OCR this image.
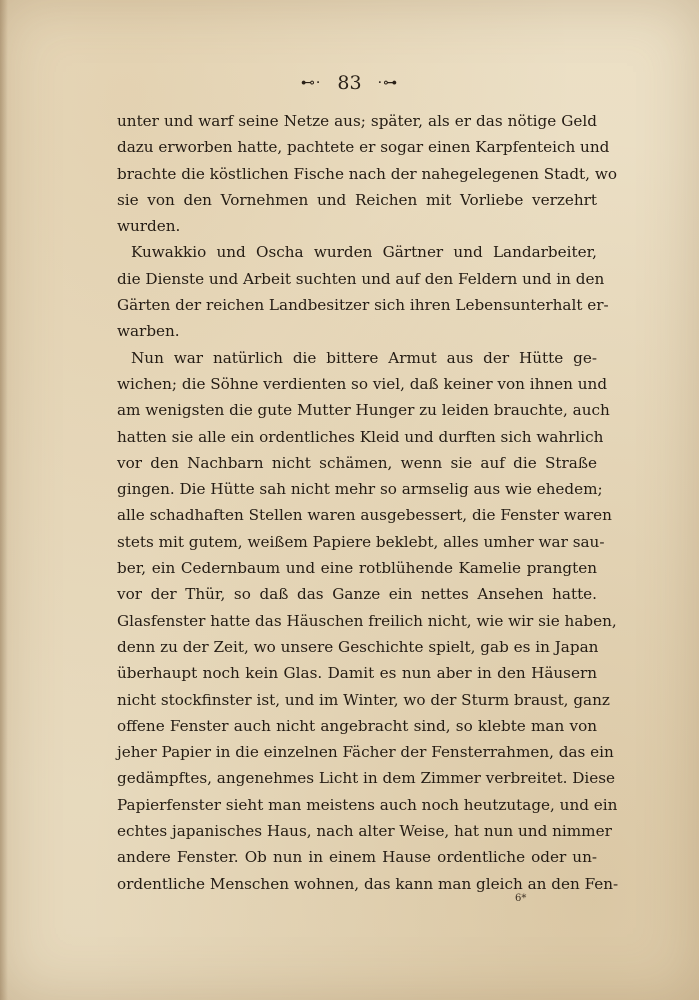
⊷· 83 ·⊶
unter und warf seine Netze aus; später, als er das nötige Geld
dazu erworben hatte, pachtete er sogar einen Karpfenteich und
brachte die köstlichen Fische nach der nahegelegenen Stadt, wo
sie von den Vornehmen und Reichen mit Vorliebe verzehrt
wurden.
Kuwakkio und Oscha wurden Gärtner und Landarbeiter,
die Dienste und Arbeit suchten und auf den Feldern und in den
Gärten der reichen Landbesitzer sich ihren Lebensunterhalt er-
warben.
Nun war natürlich die bittere Armut aus der Hütte ge-
wichen; die Söhne verdienten so viel, daß keiner von ihnen und
am wenigsten die gute Mutter Hunger zu leiden brauchte, auch
hatten sie alle ein ordentliches Kleid und durften sich wahrlich
vor den Nachbarn nicht schämen, wenn sie auf die Straße
gingen. Die Hütte sah nicht mehr so armselig aus wie ehedem;
alle schadhaften Stellen waren ausgebessert, die Fenster waren
stets mit gutem, weißem Papiere beklebt, alles umher war sau-
ber, ein Cedernbaum und eine rotblühende Kamelie prangten
vor der Thür, so daß das Ganze ein nettes Ansehen hatte.
Glasfenster hatte das Häuschen freilich nicht, wie wir sie haben,
denn zu der Zeit, wo unsere Geschichte spielt, gab es in Japan
überhaupt noch kein Glas. Damit es nun aber in den Häusern
nicht stockfinster ist, und im Winter, wo der Sturm braust, ganz
offene Fenster auch nicht angebracht sind, so klebte man von
jeher Papier in die einzelnen Fächer der Fensterrahmen, das ein
gedämpftes, angenehmes Licht in dem Zimmer verbreitet. Diese
Papierfenster sieht man meistens auch noch heutzutage, und ein
echtes japanisches Haus, nach alter Weise, hat nun und nimmer
andere Fenster. Ob nun in einem Hause ordentliche oder un-
ordentliche Menschen wohnen, das kann man gleich an den Fen-
6*
